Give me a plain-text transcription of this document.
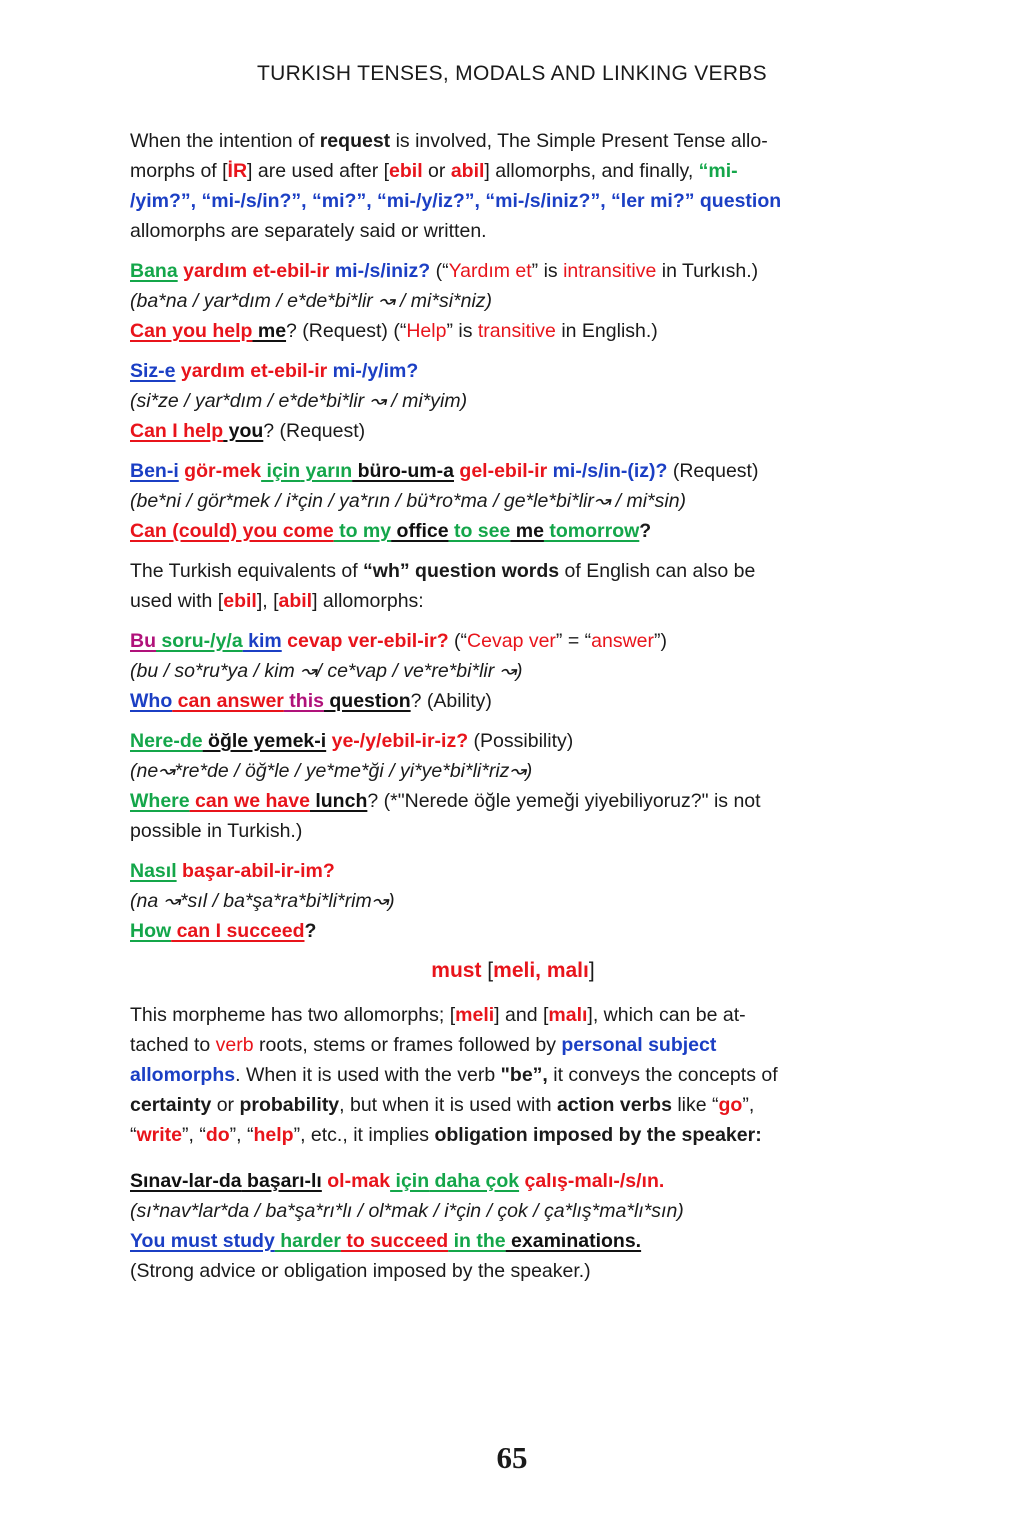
TURKISH TENSES, MODALS AND LINKING VERBS
When the intention of request is involved, The Simple Present Tense allo-
morphs of [İR] are used after [ebil or abil] allomorphs, and finally, “mi-
/yim?”, “mi-/s/in?”, “mi?”, “mi-/y/iz?”, “mi-/s/iniz?”, “ler mi?” question
allomorphs are separately said or written.
Bana yardım et-ebil-ir mi-/s/iniz? (“Yardım et” is intransitive in Turkısh.)
(ba*na / yar*dım / e*de*bi*lir ↝ / mi*si*niz)
Can you help me? (Request) (“Help” is transitive in English.)
Siz-e yardım et-ebil-ir mi-/y/im?
(si*ze / yar*dım / e*de*bi*lir ↝ / mi*yim)
Can I help you? (Request)
Ben-i gör-mek için yarın büro-um-a gel-ebil-ir mi-/s/in-(iz)? (Request)
(be*ni / gör*mek / i*çin / ya*rın / bü*ro*ma / ge*le*bi*lir↝ / mi*sin)
Can (could) you come to my office to see me tomorrow?
The Turkish equivalents of “wh” question words of English can also be
used with [ebil], [abil] allomorphs:
Bu soru-/y/a kim cevap ver-ebil-ir? (“Cevap ver” = “answer”)
(bu / so*ru*ya / kim ↝/ ce*vap / ve*re*bi*lir ↝)
Who can answer this question? (Ability)
Nere-de öğle yemek-i ye-/y/ebil-ir-iz? (Possibility)
(ne↝*re*de / öğ*le / ye*me*ği / yi*ye*bi*li*riz↝)
Where can we have lunch? (*"Nerede öğle yemeği yiyebiliyoruz?" is not
possible in Turkish.)
Nasıl başar-abil-ir-im?
(na ↝*sıl / ba*şa*ra*bi*li*rim↝)
How can I succeed?
must [meli, malı]
This morpheme has two allomorphs; [meli] and [malı], which can be at-
tached to verb roots, stems or frames followed by personal subject
allomorphs. When it is used with the verb "be”, it conveys the concepts of
certainty or probability, but when it is used with action verbs like “go”,
“write”, “do”, “help”, etc., it implies obligation imposed by the speaker:
Sınav-lar-da başarı-lı ol-mak için daha çok çalış-malı-/s/ın.
(sı*nav*lar*da / ba*şa*rı*lı / ol*mak / i*çin / çok / ça*lış*ma*lı*sın)
You must study harder to succeed in the examinations.
(Strong advice or obligation imposed by the speaker.)
65
